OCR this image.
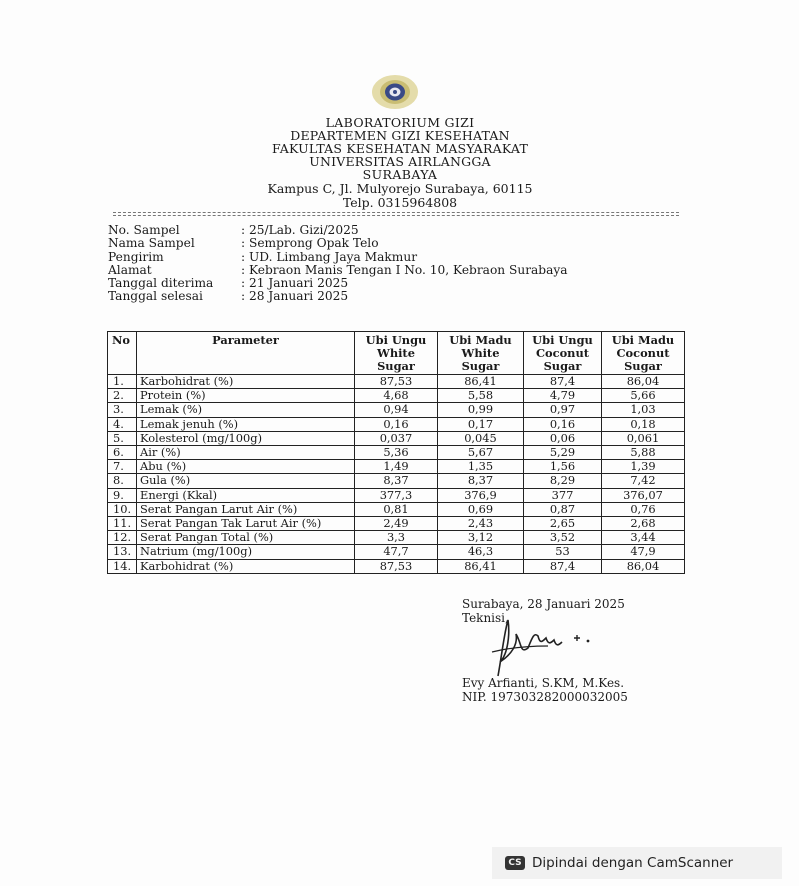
LABORATORIUM GIZI
DEPARTEMEN GIZI KESEHATAN
FAKULTAS KESEHATAN MASYARAKAT
UNIVERSITAS AIRLANGGA
SURABAYA
Kampus C, Jl. Mulyorejo Surabaya, 60115
Telp. 0315964808
No. Sampel	: 25/Lab. Gizi/2025
Nama Sampel	: Semprong Opak Telo
Pengirim	: UD. Limbang Jaya Makmur
Alamat	: Kebraon Manis Tengan I No. 10, Kebraon Surabaya
Tanggal diterima	: 21 Januari 2025
Tanggal selesai	: 28 Januari 2025
No	Parameter	Ubi Ungu White Sugar	Ubi Madu White Sugar	Ubi Ungu Coconut Sugar	Ubi Madu Coconut Sugar
1.	Karbohidrat (%)	87,53	86,41	87,4	86,04
2.	Protein (%)	4,68	5,58	4,79	5,66
3.	Lemak (%)	0,94	0,99	0,97	1,03
4.	Lemak jenuh (%)	0,16	0,17	0,16	0,18
5.	Kolesterol (mg/100g)	0,037	0,045	0,06	0,061
6.	Air (%)	5,36	5,67	5,29	5,88
7.	Abu (%)	1,49	1,35	1,56	1,39
8.	Gula (%)	8,37	8,37	8,29	7,42
9.	Energi (Kkal)	377,3	376,9	377	376,07
10.	Serat Pangan Larut Air (%)	0,81	0,69	0,87	0,76
11.	Serat Pangan Tak Larut Air (%)	2,49	2,43	2,65	2,68
12.	Serat Pangan Total (%)	3,3	3,12	3,52	3,44
13.	Natrium (mg/100g)	47,7	46,3	53	47,9
14.	Karbohidrat (%)	87,53	86,41	87,4	86,04
Surabaya, 28 Januari 2025
Teknisi,
Evy Arfianti, S.KM, M.Kes.
NIP. 197303282000032005
CS Dipindai dengan CamScanner
